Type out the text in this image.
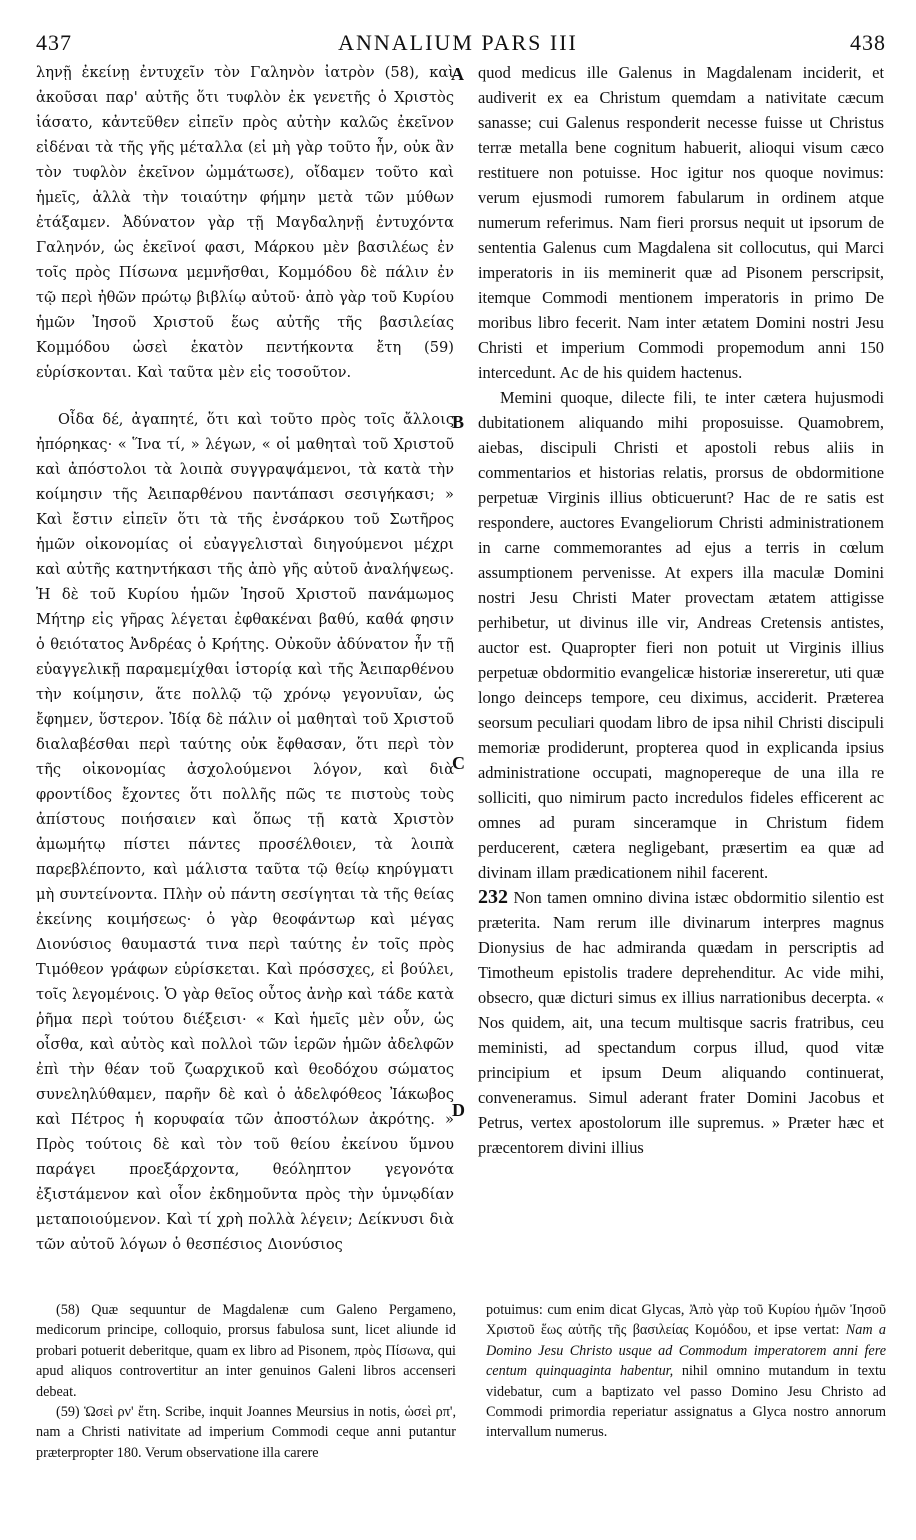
437	ANNALIUM PARS III	438
A
B
C
D

ληνῇ ἐκείνῃ ἐντυχεῖν τὸν Γαληνὸν ἰατρὸν (58), καὶ ἀκοῦσαι παρ' αὐτῆς ὅτι τυφλὸν ἐκ γενετῆς ὁ Χριστὸς ἰάσατο, κἀντεῦθεν εἰπεῖν πρὸς αὐτὴν καλῶς ἐκεῖνον εἰδέναι τὰ τῆς γῆς μέταλλα (εἰ μὴ γὰρ τοῦτο ἦν, οὐκ ἂν τὸν τυφλὸν ἐκεῖνον ὠμμάτωσε), οἴδαμεν τοῦτο καὶ ἡμεῖς, ἀλλὰ τὴν τοιαύτην φήμην μετὰ τῶν μύθων ἐτάξαμεν. Ἀδύνατον γὰρ τῇ Μαγδαληνῇ ἐντυχόντα Γαληνόν, ὡς ἐκεῖνοί φασι, Μάρκου μὲν βασιλέως ἐν τοῖς πρὸς Πίσωνα μεμνῆσθαι, Κομμόδου δὲ πάλιν ἐν τῷ περὶ ἠθῶν πρώτῳ βιβλίῳ αὐτοῦ· ἀπὸ γὰρ τοῦ Κυρίου ἡμῶν Ἰησοῦ Χριστοῦ ἕως αὐτῆς τῆς βασιλείας Κομμόδου ὡσεὶ ἑκατὸν πεντήκοντα ἔτη (59) εὑρίσκονται. Καὶ ταῦτα μὲν εἰς τοσοῦτον.

Οἶδα δέ, ἀγαπητέ, ὅτι καὶ τοῦτο πρὸς τοῖς ἄλλοις ἠπόρηκας· « Ἵνα τί, » λέγων, « οἱ μαθηταὶ τοῦ Χριστοῦ καὶ ἀπόστολοι τὰ λοιπὰ συγγραψάμενοι, τὰ κατὰ τὴν κοίμησιν τῆς Ἀειπαρθένου παντάπασι σεσιγήκασι; » Καὶ ἔστιν εἰπεῖν ὅτι τὰ τῆς ἐνσάρκου τοῦ Σωτῆρος ἡμῶν οἰκονομίας οἱ εὐαγγελισταὶ διηγούμενοι μέχρι καὶ αὐτῆς κατηντήκασι τῆς ἀπὸ γῆς αὐτοῦ ἀναλήψεως. Ἡ δὲ τοῦ Κυρίου ἡμῶν Ἰησοῦ Χριστοῦ πανάμωμος Μήτηρ εἰς γῆρας λέγεται ἐφθακέναι βαθύ, καθά φησιν ὁ θειότατος Ἀνδρέας ὁ Κρήτης. Οὐκοῦν ἀδύνατον ἦν τῇ εὐαγγελικῇ παραμεμίχθαι ἱστορίᾳ καὶ τῆς Ἀειπαρθένου τὴν κοίμησιν, ἅτε πολλῷ τῷ χρόνῳ γεγονυῖαν, ὡς ἔφημεν, ὕστερον. Ἰδίᾳ δὲ πάλιν οἱ μαθηταὶ τοῦ Χριστοῦ διαλαβέσθαι περὶ ταύτης οὐκ ἔφθασαν, ὅτι περὶ τὸν τῆς οἰκονομίας ἀσχολούμενοι λόγον, καὶ διὰ φροντίδος ἔχοντες ὅτι πολλῆς πῶς τε πιστοὺς τοὺς ἀπίστους ποιήσαιεν καὶ ὅπως τῇ κατὰ Χριστὸν ἀμωμήτῳ πίστει πάντες προσέλθοιεν, τὰ λοιπὰ παρεβλέποντο, καὶ μάλιστα ταῦτα τῷ θείῳ κηρύγματι μὴ συντείνοντα. Πλὴν οὐ πάντη σεσίγηται τὰ τῆς θείας ἐκείνης κοιμήσεως· ὁ γὰρ θεοφάντωρ καὶ μέγας Διονύσιος θαυμαστά τινα περὶ ταύτης ἐν τοῖς πρὸς Τιμόθεον γράφων εὑρίσκεται. Καὶ πρόσσχες, εἰ βούλει, τοῖς λεγομένοις. Ὁ γὰρ θεῖος οὗτος ἀνὴρ καὶ τάδε κατὰ ῥῆμα περὶ τούτου διέξεισι· « Καὶ ἡμεῖς μὲν οὖν, ὡς οἶσθα, καὶ αὐτὸς καὶ πολλοὶ τῶν ἱερῶν ἡμῶν ἀδελφῶν ἐπὶ τὴν θέαν τοῦ ζωαρχικοῦ καὶ θεοδόχου σώματος συνεληλύθαμεν, παρῆν δὲ καὶ ὁ ἀδελφόθεος Ἰάκωβος καὶ Πέτρος ἡ κορυφαία τῶν ἀποστόλων ἀκρότης. » Πρὸς τούτοις δὲ καὶ τὸν τοῦ θείου ἐκείνου ὕμνου παράγει προεξάρχοντα, θεόληπτον γεγονότα ἐξιστάμενον καὶ οἷον ἐκδημοῦντα πρὸς τὴν ὑμνῳδίαν μεταποιούμενον. Καὶ τί χρὴ πολλὰ λέγειν; Δείκνυσι διὰ τῶν αὐτοῦ λόγων ὁ θεσπέσιος Διονύσιος

quod medicus ille Galenus in Magdalenam inciderit, et audiverit ex ea Christum quemdam a nativitate cæcum sanasse; cui Galenus responderit necesse fuisse ut Christus terræ metalla bene cognitum habuerit, alioqui visum cæco restituere non potuisse. Hoc igitur nos quoque novimus: verum ejusmodi rumorem fabularum in ordinem atque numerum referimus. Nam fieri prorsus nequit ut ipsorum de sententia Galenus cum Magdalena sit collocutus, qui Marci imperatoris in iis meminerit quæ ad Pisonem perscripsit, itemque Commodi mentionem imperatoris in primo De moribus libro fecerit. Nam inter ætatem Domini nostri Jesu Christi et imperium Commodi propemodum anni 150 intercedunt. Ac de his quidem hactenus.

Memini quoque, dilecte fili, te inter cætera hujusmodi dubitationem aliquando mihi proposuisse. Quamobrem, aiebas, discipuli Christi et apostoli rebus aliis in commentarios et historias relatis, prorsus de obdormitione perpetuæ Virginis illius obticuerunt? Hac de re satis est respondere, auctores Evangeliorum Christi administrationem in carne commemorantes ad ejus a terris in cœlum assumptionem pervenisse. At expers illa maculæ Domini nostri Jesu Christi Mater provectam ætatem attigisse perhibetur, ut divinus ille vir, Andreas Cretensis antistes, auctor est. Quapropter fieri non potuit ut Virginis illius perpetuæ obdormitio evangelicæ historiæ insereretur, uti quæ longo deinceps tempore, ceu diximus, acciderit. Præterea seorsum peculiari quodam libro de ipsa nihil Christi discipuli memoriæ prodiderunt, propterea quod in explicanda ipsius administratione occupati, magnopereque de una illa re solliciti, quo nimirum pacto incredulos fideles efficerent ac omnes ad puram sinceramque in Christum fidem perducerent, cætera negligebant, præsertim ea quæ ad divinam illam prædicationem nihil facerent.

232 Non tamen omnino divina istæc obdormitio silentio est præterita. Nam rerum ille divinarum interpres magnus Dionysius de hac admiranda quædam in perscriptis ad Timotheum epistolis tradere deprehenditur. Ac vide mihi, obsecro, quæ dicturi simus ex illius narrationibus decerpta. « Nos quidem, ait, una tecum multisque sacris fratribus, ceu meministi, ad spectandum corpus illud, quod vitæ principium et ipsum Deum aliquando continuerat, conveneramus. Simul aderant frater Domini Jacobus et Petrus, vertex apostolorum ille supremus. » Præter hæc et præcentorem divini illius

(58) Quæ sequuntur de Magdalenæ cum Galeno Pergameno, medicorum principe, colloquio, prorsus fabulosa sunt, licet aliunde id probari potuerit deberitque, quam ex libro ad Pisonem, πρὸς Πίσωνα, qui apud aliquos controvertitur an inter genuinos Galeni libros accenseri debeat.

(59) Ὡσεὶ ρν' ἔτη. Scribe, inquit Joannes Meursius in notis, ὡσεὶ ρπ', nam a Christi nativitate ad imperium Commodi ceque anni putantur præterpropter 180. Verum observatione illa carere

potuimus: cum enim dicat Glycas, Ἀπὸ γὰρ τοῦ Κυρίου ἡμῶν Ἰησοῦ Χριστοῦ ἕως αὐτῆς τῆς βασιλείας Κομόδου, et ipse vertat: Nam a Domino Jesu Christo usque ad Commodum imperatorem anni fere centum quinquaginta habentur, nihil omnino mutandum in textu videbatur, cum a baptizato vel passo Domino Jesu Christo ad Commodi primordia reperiatur assignatus a Glyca nostro annorum intervallum numerus.
